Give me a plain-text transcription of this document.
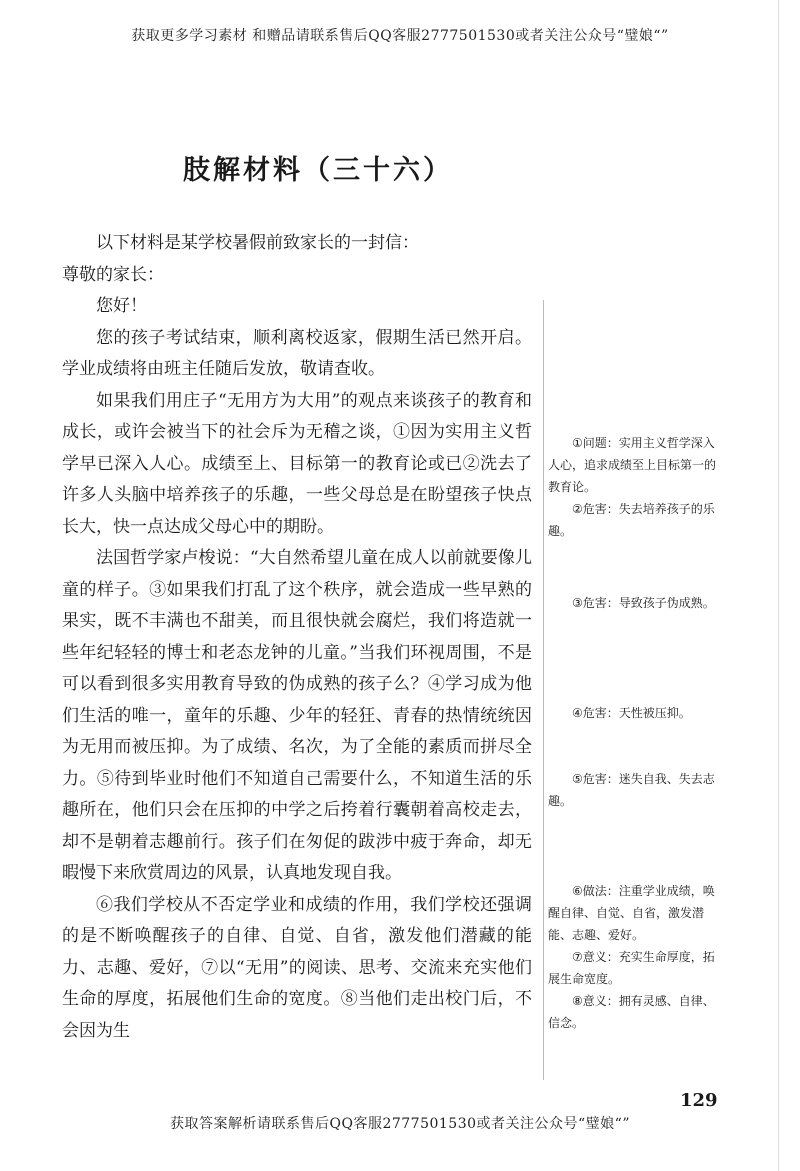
获取更多学习素材 和赠品请联系售后QQ客服2777501530或者关注公众号“璧娘“”
肢解材料（三十六）

以下材料是某学校暑假前致家长的一封信：

尊敬的家长：

您好！

您的孩子考试结束，顺利离校返家，假期生活已然开启。学业成绩将由班主任随后发放，敬请查收。

如果我们用庄子“无用方为大用”的观点来谈孩子的教育和成长，或许会被当下的社会斥为无稽之谈，①因为实用主义哲学早已深入人心。成绩至上、目标第一的教育论或已②洗去了许多人头脑中培养孩子的乐趣，一些父母总是在盼望孩子快点长大，快一点达成父母心中的期盼。

法国哲学家卢梭说：“大自然希望儿童在成人以前就要像儿童的样子。③如果我们打乱了这个秩序，就会造成一些早熟的果实，既不丰满也不甜美，而且很快就会腐烂，我们将造就一些年纪轻轻的博士和老态龙钟的儿童。”当我们环视周围，不是可以看到很多实用教育导致的伪成熟的孩子么？④学习成为他们生活的唯一，童年的乐趣、少年的轻狂、青春的热情统统因为无用而被压抑。为了成绩、名次，为了全能的素质而拼尽全力。⑤待到毕业时他们不知道自己需要什么，不知道生活的乐趣所在，他们只会在压抑的中学之后挎着行囊朝着高校走去，却不是朝着志趣前行。孩子们在匆促的跋涉中疲于奔命，却无暇慢下来欣赏周边的风景，认真地发现自我。

⑥我们学校从不否定学业和成绩的作用，我们学校还强调的是不断唤醒孩子的自律、自觉、自省，激发他们潜藏的能力、志趣、爱好，⑦以“无用”的阅读、思考、交流来充实他们生命的厚度，拓展他们生命的宽度。⑧当他们走出校门后，不会因为生

①问题：实用主义哲学深入人心，追求成绩至上目标第一的教育论。

②危害：失去培养孩子的乐趣。

③危害：导致孩子伪成熟。

④危害：天性被压抑。

⑤危害：迷失自我、失去志趣。

⑥做法：注重学业成绩，唤醒自律、自觉、自省，激发潜能、志趣、爱好。

⑦意义：充实生命厚度，拓展生命宽度。

⑧意义：拥有灵感、自律、信念。

129
获取答案解析请联系售后QQ客服2777501530或者关注公众号“璧娘“”
